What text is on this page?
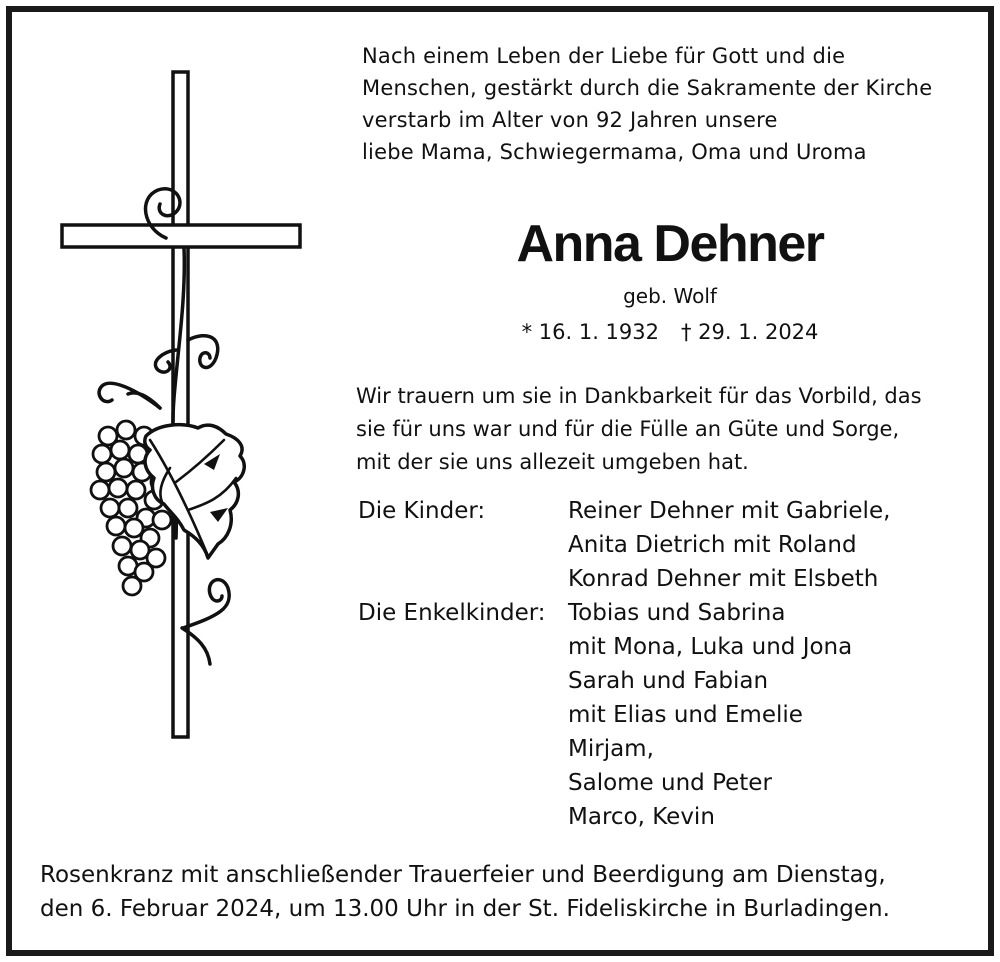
Nach einem Leben der Liebe für Gott und die
Menschen, gestärkt durch die Sakramente der Kirche
verstarb im Alter von 92 Jahren unsere
liebe Mama, Schwiegermama, Oma und Uroma
Anna Dehner
geb. Wolf
* 16. 1. 1932 † 29. 1. 2024
Wir trauern um sie in Dankbarkeit für das Vorbild, das
sie für uns war und für die Fülle an Güte und Sorge,
mit der sie uns allezeit umgeben hat.
Die Kinder:	Reiner Dehner mit Gabriele,
Anita Dietrich mit Roland
Konrad Dehner mit Elsbeth
Die Enkelkinder: Tobias und Sabrina
mit Mona, Luka und Jona
Sarah und Fabian
mit Elias und Emelie
Mirjam,
Salome und Peter
Marco, Kevin
Rosenkranz mit anschließender Trauerfeier und Beerdigung am Dienstag,
den 6. Februar 2024, um 13.00 Uhr in der St. Fideliskirche in Burladingen.
